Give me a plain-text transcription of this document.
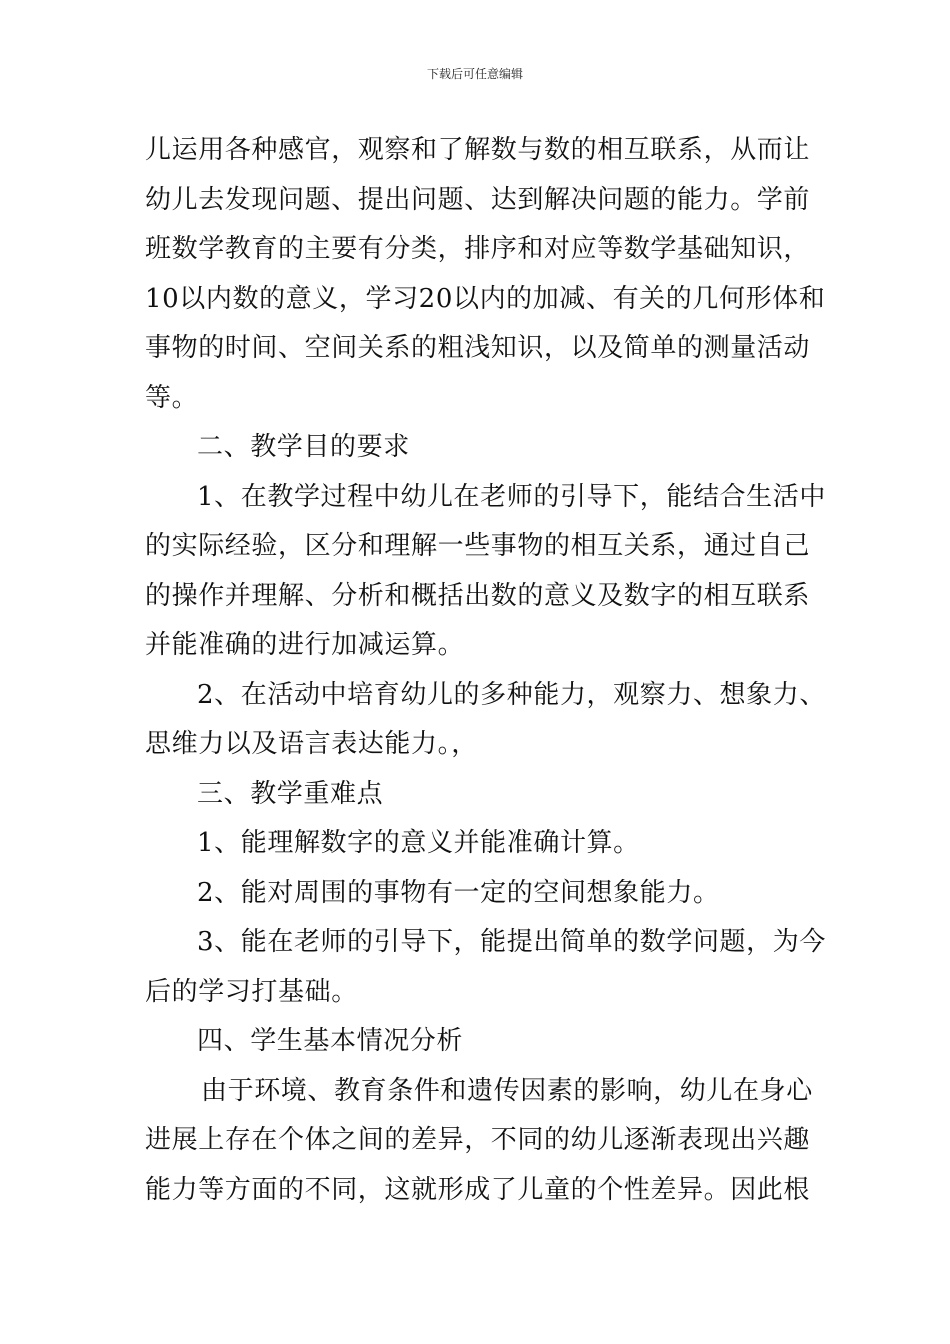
下载后可任意编辑
儿运用各种感官，观察和了解数与数的相互联系，从而让
幼儿去发现问题、提出问题、达到解决问题的能力。学前
班数学教育的主要有分类，排序和对应等数学基础知识，
10以内数的意义，学习20以内的加减、有关的几何形体和
事物的时间、空间关系的粗浅知识，以及简单的测量活动
等。
二、教学目的要求
1、在教学过程中幼儿在老师的引导下，能结合生活中
的实际经验，区分和理解一些事物的相互关系，通过自己
的操作并理解、分析和概括出数的意义及数字的相互联系
并能准确的进行加减运算。
2、在活动中培育幼儿的多种能力，观察力、想象力、
思维力以及语言表达能力。，
三、教学重难点
1、能理解数字的意义并能准确计算。
2、能对周围的事物有一定的空间想象能力。
3、能在老师的引导下，能提出简单的数学问题，为今
后的学习打基础。
四、学生基本情况分析
由于环境、教育条件和遗传因素的影响，幼儿在身心
进展上存在个体之间的差异，不同的幼儿逐渐表现出兴趣
能力等方面的不同，这就形成了儿童的个性差异。因此根
